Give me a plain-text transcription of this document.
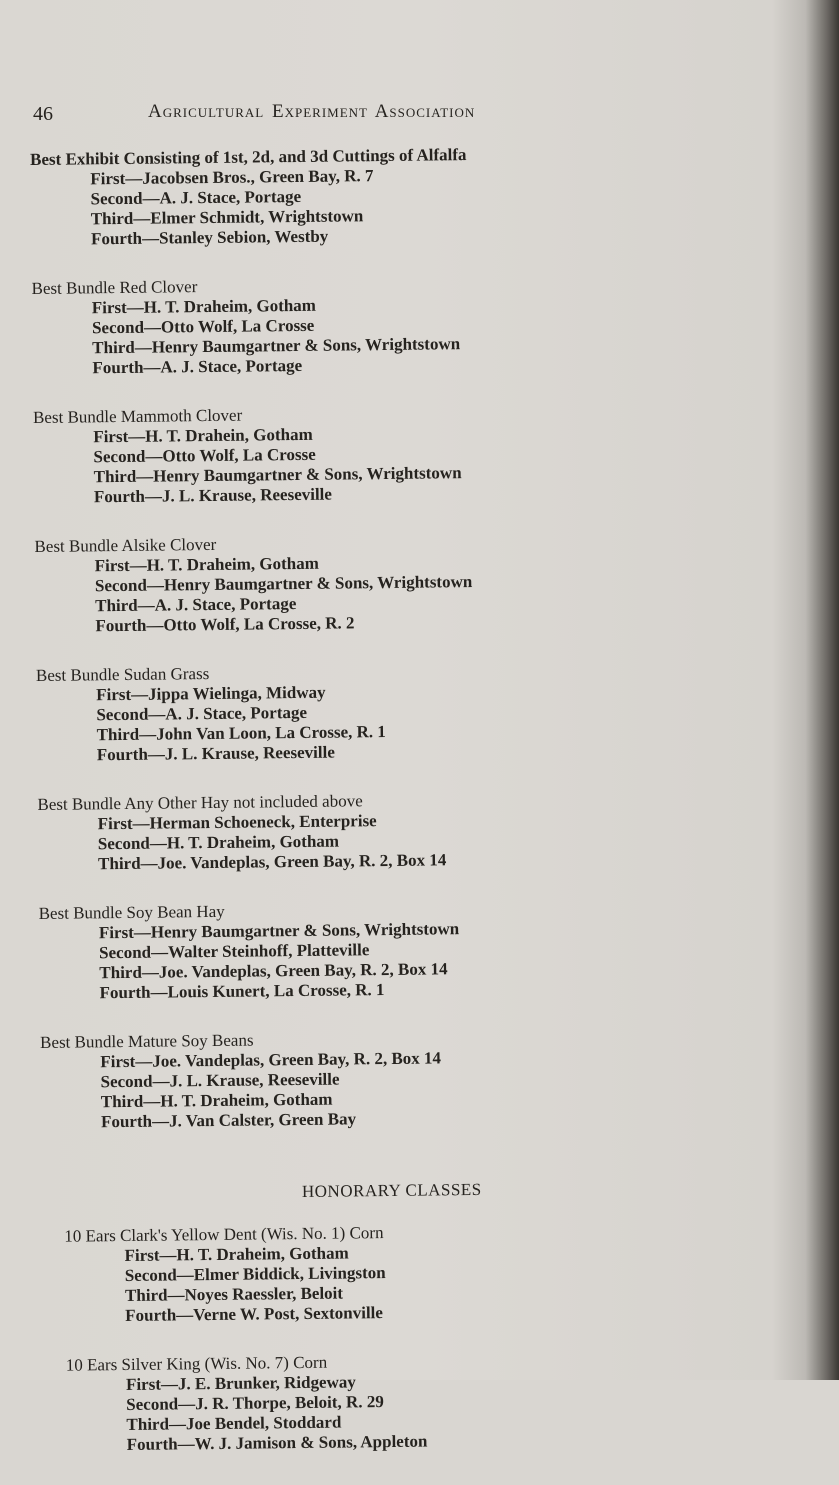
46	Agricultural Experiment Association
Best Exhibit Consisting of 1st, 2d, and 3d Cuttings of Alfalfa
First—Jacobsen Bros., Green Bay, R. 7
Second—A. J. Stace, Portage
Third—Elmer Schmidt, Wrightstown
Fourth—Stanley Sebion, Westby
Best Bundle Red Clover
First—H. T. Draheim, Gotham
Second—Otto Wolf, La Crosse
Third—Henry Baumgartner & Sons, Wrightstown
Fourth—A. J. Stace, Portage
Best Bundle Mammoth Clover
First—H. T. Drahein, Gotham
Second—Otto Wolf, La Crosse
Third—Henry Baumgartner & Sons, Wrightstown
Fourth—J. L. Krause, Reeseville
Best Bundle Alsike Clover
First—H. T. Draheim, Gotham
Second—Henry Baumgartner & Sons, Wrightstown
Third—A. J. Stace, Portage
Fourth—Otto Wolf, La Crosse, R. 2
Best Bundle Sudan Grass
First—Jippa Wielinga, Midway
Second—A. J. Stace, Portage
Third—John Van Loon, La Crosse, R. 1
Fourth—J. L. Krause, Reeseville
Best Bundle Any Other Hay not included above
First—Herman Schoeneck, Enterprise
Second—H. T. Draheim, Gotham
Third—Joe. Vandeplas, Green Bay, R. 2, Box 14
Best Bundle Soy Bean Hay
First—Henry Baumgartner & Sons, Wrightstown
Second—Walter Steinhoff, Platteville
Third—Joe. Vandeplas, Green Bay, R. 2, Box 14
Fourth—Louis Kunert, La Crosse, R. 1
Best Bundle Mature Soy Beans
First—Joe. Vandeplas, Green Bay, R. 2, Box 14
Second—J. L. Krause, Reeseville
Third—H. T. Draheim, Gotham
Fourth—J. Van Calster, Green Bay
HONORARY CLASSES
10 Ears Clark's Yellow Dent (Wis. No. 1) Corn
First—H. T. Draheim, Gotham
Second—Elmer Biddick, Livingston
Third—Noyes Raessler, Beloit
Fourth—Verne W. Post, Sextonville
10 Ears Silver King (Wis. No. 7) Corn
First—J. E. Brunker, Ridgeway
Second—J. R. Thorpe, Beloit, R. 29
Third—Joe Bendel, Stoddard
Fourth—W. J. Jamison & Sons, Appleton
